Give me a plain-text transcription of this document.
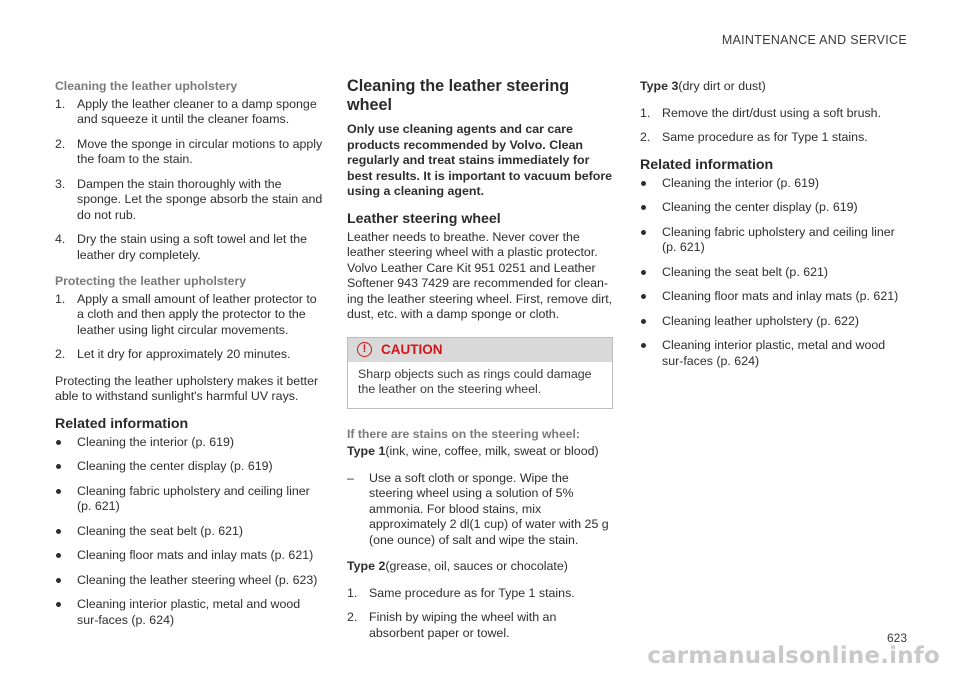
MAINTENANCE AND SERVICE
Cleaning the leather upholstery
1. Apply the leather cleaner to a damp sponge and squeeze it until the cleaner foams.
2. Move the sponge in circular motions to apply the foam to the stain.
3. Dampen the stain thoroughly with the sponge. Let the sponge absorb the stain and do not rub.
4. Dry the stain using a soft towel and let the leather dry completely.
Protecting the leather upholstery
1. Apply a small amount of leather protector to a cloth and then apply the protector to the leather using light circular movements.
2. Let it dry for approximately 20 minutes.

Protecting the leather upholstery makes it better able to withstand sunlight's harmful UV rays.

Related information
Cleaning the interior (p. 619)
Cleaning the center display (p. 619)
Cleaning fabric upholstery and ceiling liner (p. 621)
Cleaning the seat belt (p. 621)
Cleaning floor mats and inlay mats (p. 621)
Cleaning the leather steering wheel (p. 623)
Cleaning interior plastic, metal and wood sur-faces (p. 624)
Cleaning the leather steering wheel

Only use cleaning agents and car care products recommended by Volvo. Clean regularly and treat stains immediately for best results. It is important to vacuum before using a cleaning agent.

Leather steering wheel

Leather needs to breathe. Never cover the leather steering wheel with a plastic protector. Volvo Leather Care Kit 951 0251 and Leather Softener 943 7429 are recommended for clean-ing the leather steering wheel. First, remove dirt, dust, etc. with a damp sponge or cloth.

!	CAUTION
Sharp objects such as rings could damage the leather on the steering wheel.
If there are stains on the steering wheel:
Type 1(ink, wine, coffee, milk, sweat or blood)
– Use a soft cloth or sponge. Wipe the steering wheel using a solution of 5% ammonia. For blood stains, mix approximately 2 dl(1 cup) of water with 25 g (one ounce) of salt and wipe the stain.
Type 2(grease, oil, sauces or chocolate)
1. Same procedure as for Type 1 stains.
2. Finish by wiping the wheel with an absorbent paper or towel.
Type 3(dry dirt or dust)
1. Remove the dirt/dust using a soft brush.
2. Same procedure as for Type 1 stains.
Related information
Cleaning the interior (p. 619)
Cleaning the center display (p. 619)
Cleaning fabric upholstery and ceiling liner (p. 621)
Cleaning the seat belt (p. 621)
Cleaning floor mats and inlay mats (p. 621)
Cleaning leather upholstery (p. 622)
Cleaning interior plastic, metal and wood sur-faces (p. 624)
623
carmanualsonline.info
